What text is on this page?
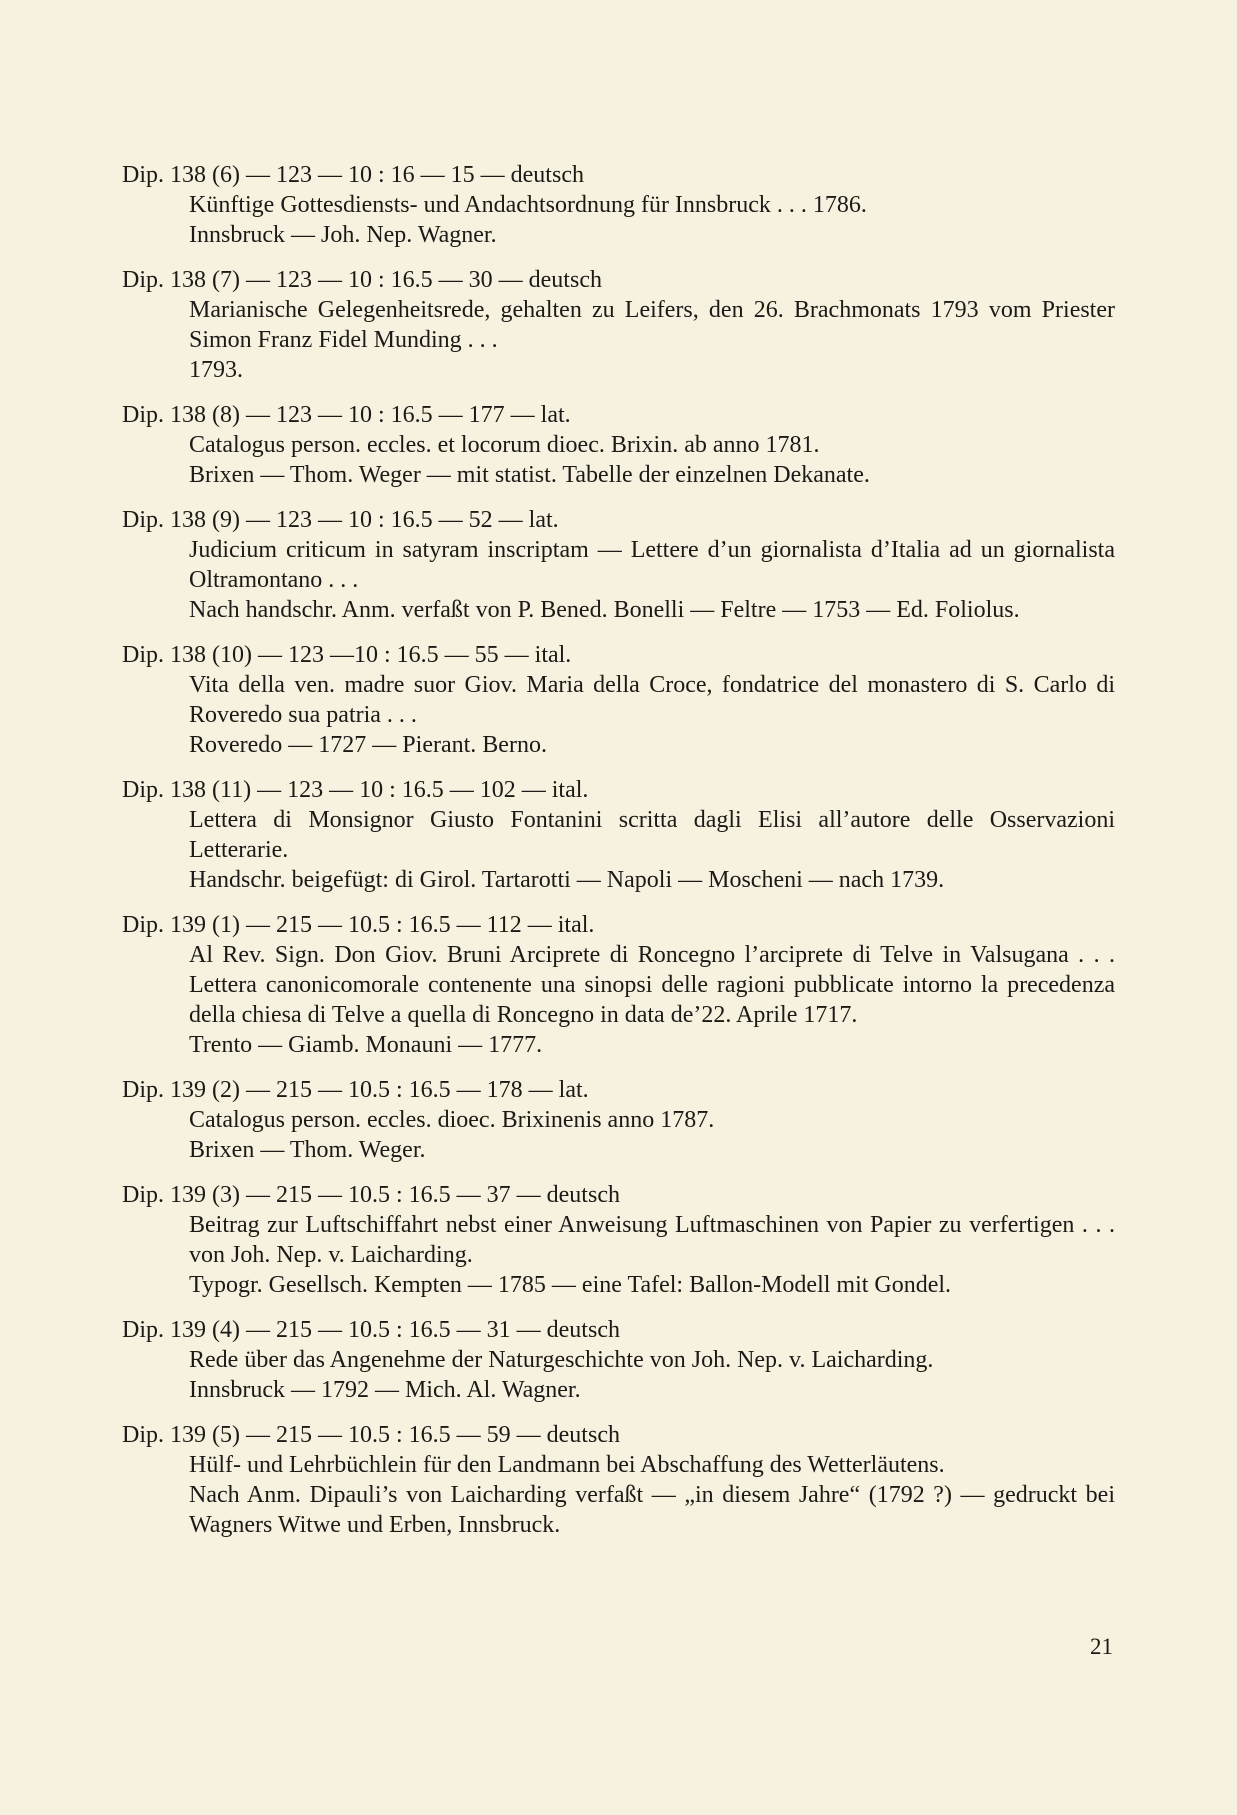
Dip. 138 (6) — 123 — 10 : 16 — 15 — deutsch

Künftige Gottesdiensts- und Andachtsordnung für Innsbruck . . . 1786.

Innsbruck — Joh. Nep. Wagner.

Dip. 138 (7) — 123 — 10 : 16.5 — 30 — deutsch

Marianische Gelegenheitsrede, gehalten zu Leifers, den 26. Brachmonats 1793 vom Priester Simon Franz Fidel Munding . . .

1793.

Dip. 138 (8) — 123 — 10 : 16.5 — 177 — lat.

Catalogus person. eccles. et locorum dioec. Brixin. ab anno 1781.

Brixen — Thom. Weger — mit statist. Tabelle der einzelnen Dekanate.

Dip. 138 (9) — 123 — 10 : 16.5 — 52 — lat.

Judicium criticum in satyram inscriptam — Lettere d’un giornalista d’Italia ad un giornalista Oltramontano . . .

Nach handschr. Anm. verfaßt von P. Bened. Bonelli — Feltre — 1753 — Ed. Foliolus.

Dip. 138 (10) — 123 —10 : 16.5 — 55 — ital.

Vita della ven. madre suor Giov. Maria della Croce, fondatrice del monastero di S. Carlo di Roveredo sua patria . . .

Roveredo — 1727 — Pierant. Berno.

Dip. 138 (11) — 123 — 10 : 16.5 — 102 — ital.

Lettera di Monsignor Giusto Fontanini scritta dagli Elisi all’autore delle Osservazioni Letterarie.

Handschr. beigefügt: di Girol. Tartarotti — Napoli — Moscheni — nach 1739.

Dip. 139 (1) — 215 — 10.5 : 16.5 — 112 — ital.

Al Rev. Sign. Don Giov. Bruni Arciprete di Roncegno l’arciprete di Telve in Valsugana . . . Lettera canonicomorale contenente una sinopsi delle ragioni pubblicate intorno la precedenza della chiesa di Telve a quella di Roncegno in data de’22. Aprile 1717.

Trento — Giamb. Monauni — 1777.

Dip. 139 (2) — 215 — 10.5 : 16.5 — 178 — lat.

Catalogus person. eccles. dioec. Brixinenis anno 1787.

Brixen — Thom. Weger.

Dip. 139 (3) — 215 — 10.5 : 16.5 — 37 — deutsch

Beitrag zur Luftschiffahrt nebst einer Anweisung Luftmaschinen von Papier zu verfertigen . . . von Joh. Nep. v. Laicharding.

Typogr. Gesellsch. Kempten — 1785 — eine Tafel: Ballon-Modell mit Gondel.

Dip. 139 (4) — 215 — 10.5 : 16.5 — 31 — deutsch

Rede über das Angenehme der Naturgeschichte von Joh. Nep. v. Laicharding.

Innsbruck — 1792 — Mich. Al. Wagner.

Dip. 139 (5) — 215 — 10.5 : 16.5 — 59 — deutsch

Hülf- und Lehrbüchlein für den Landmann bei Abschaffung des Wetterläutens.

Nach Anm. Dipauli’s von Laicharding verfaßt — „in diesem Jahre“ (1792 ?) — gedruckt bei Wagners Witwe und Erben, Innsbruck.

21
